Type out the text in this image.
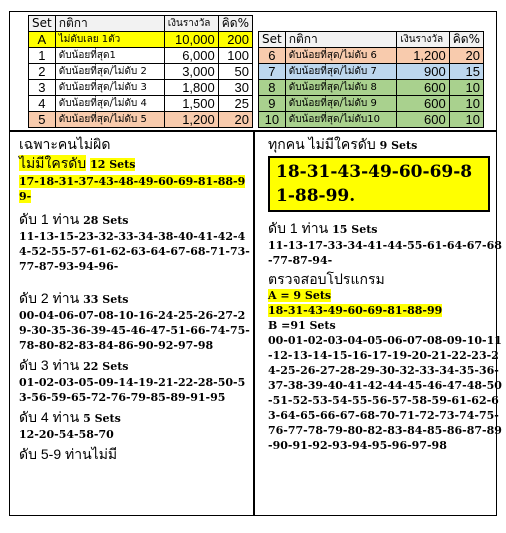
Set	กติกา	เงินรางวัล	คิด%
A	ไม่ดับเลย 1ตัว	10,000	200
1	ดับน้อยที่สุด1	6,000	100
2	ดับน้อยที่สุด/ไม่ดับ 2	3,000	50
3	ดับน้อยที่สุด/ไม่ดับ 3	1,800	30
4	ดับน้อยที่สุด/ไม่ดับ 4	1,500	25
5	ดับน้อยที่สุด/ไม่ดับ 5	1,200	20
Set	กติกา	เงินรางวัล	คิด%
6	ดับน้อยที่สุด/ไม่ดับ 6	1,200	20
7	ดับน้อยที่สุด/ไม่ดับ 7	900	15
8	ดับน้อยที่สุด/ไม่ดับ 8	600	10
9	ดับน้อยที่สุด/ไม่ดับ 9	600	10
10	ดับน้อยที่สุด/ไม่ดับ10	600	10
เฉพาะคนไม่ผิด
ไม่มีใครดับ 12 Sets
17-18-31-37-43-48-49-60-69-81-88-99-
ดับ 1 ท่าน 28 Sets
11-13-15-23-32-33-34-38-40-41-42-44-52-55-57-61-62-63-64-67-68-71-73-77-87-93-94-96-
ดับ 2 ท่าน 33 Sets
00-04-06-07-08-10-16-24-25-26-27-29-30-35-36-39-45-46-47-51-66-74-75-78-80-82-83-84-86-90-92-97-98
ดับ 3 ท่าน 22 Sets
01-02-03-05-09-14-19-21-22-28-50-53-56-59-65-72-76-79-85-89-91-95
ดับ 4 ท่าน 5 Sets
12-20-54-58-70
ดับ 5-9 ท่านไม่มี
ทุกคน ไม่มีใครดับ 9 Sets
18-31-43-49-60-69-81-88-99.
ดับ 1 ท่าน 15 Sets
11-13-17-33-34-41-44-55-61-64-67-68-77-87-94-
ตรวจสอบโปรแกรม
A = 9 Sets
18-31-43-49-60-69-81-88-99
B =91 Sets
00-01-02-03-04-05-06-07-08-09-10-11-12-13-14-15-16-17-19-20-21-22-23-24-25-26-27-28-29-30-32-33-34-35-36-37-38-39-40-41-42-44-45-46-47-48-50-51-52-53-54-55-56-57-58-59-61-62-63-64-65-66-67-68-70-71-72-73-74-75-76-77-78-79-80-82-83-84-85-86-87-89-90-91-92-93-94-95-96-97-98
